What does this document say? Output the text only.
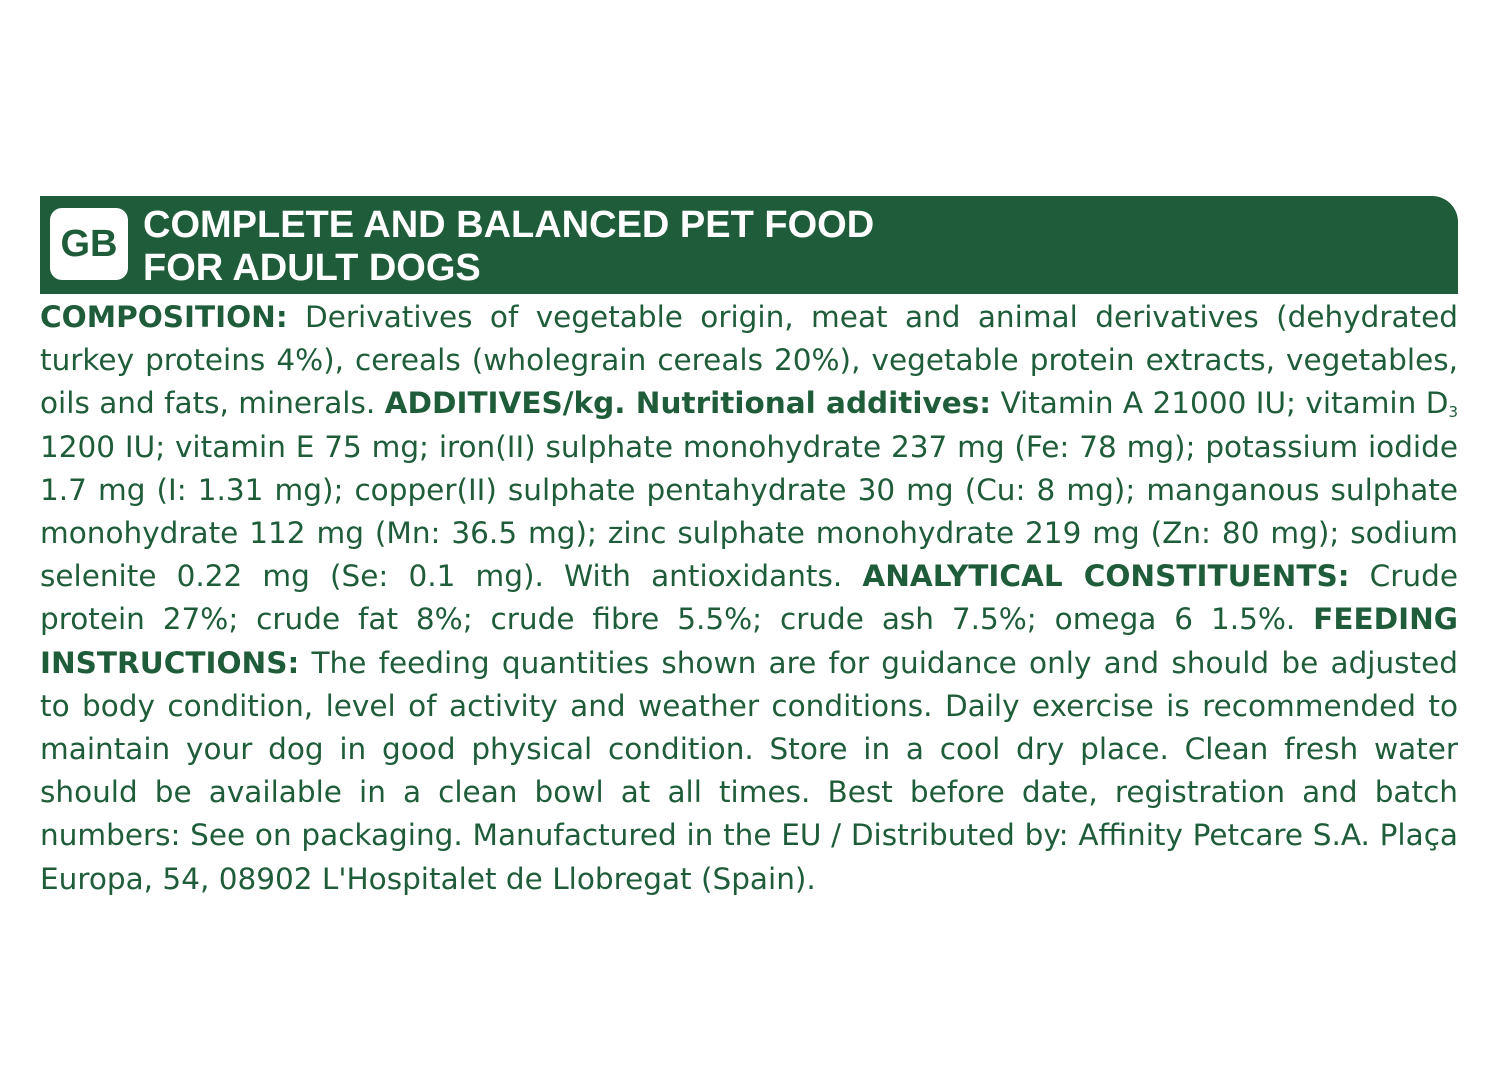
GB COMPLETE AND BALANCED PET FOOD
FOR ADULT DOGS

COMPOSITION: Derivatives of vegetable origin, meat and animal derivatives (dehydrated turkey proteins 4%), cereals (wholegrain cereals 20%), vegetable protein extracts, vegetables, oils and fats, minerals. ADDITIVES/kg. Nutritional additives: Vitamin A 21000 IU; vitamin $D_3$ 1200 IU; vitamin E 75 mg; iron(II) sulphate monohydrate 237 mg (Fe: 78 mg); potassium iodide 1.7 mg (I: 1.31 mg); copper(II) sulphate pentahydrate 30 mg (Cu: 8 mg); manganous sulphate monohydrate 112 mg (Mn: 36.5 mg); zinc sulphate monohydrate 219 mg (Zn: 80 mg); sodium selenite 0.22 mg (Se: 0.1 mg). With antioxidants. ANALYTICAL CONSTITUENTS: Crude protein 27%; crude fat 8%; crude fibre 5.5%; crude ash 7.5%; omega 6 1.5%. FEEDING INSTRUCTIONS: The feeding quantities shown are for guidance only and should be adjusted to body condition, level of activity and weather conditions. Daily exercise is recommended to maintain your dog in good physical condition. Store in a cool dry place. Clean fresh water should be available in a clean bowl at all times. Best before date, registration and batch numbers: See on packaging. Manufactured in the EU / Distributed by: Affinity Petcare S.A. Plaça Europa, 54, 08902 L'Hospitalet de Llobregat (Spain).
